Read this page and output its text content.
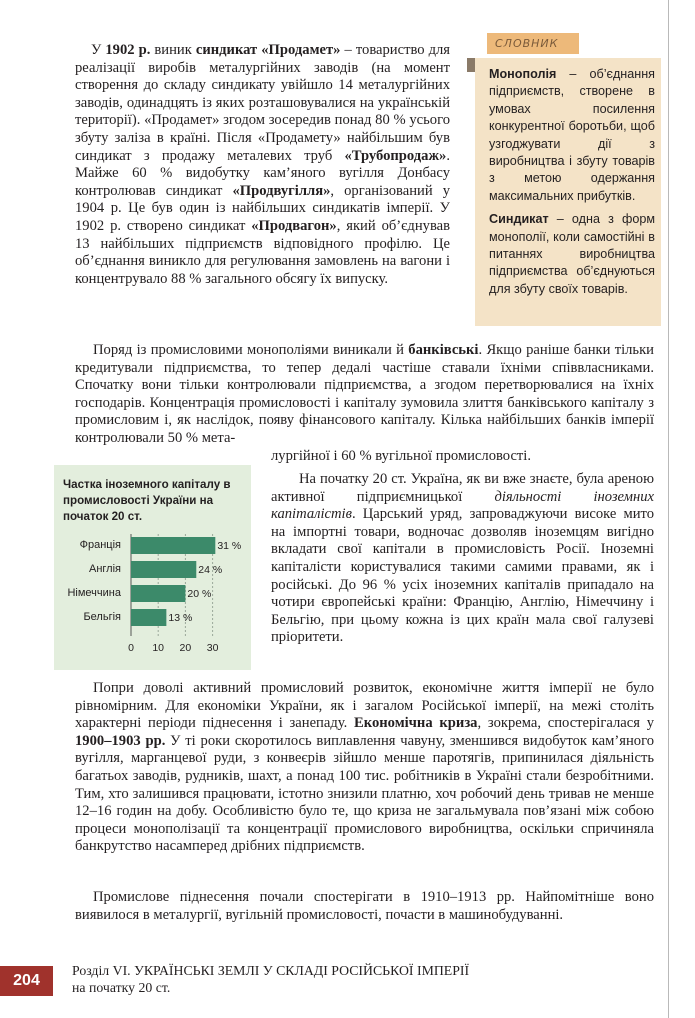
У 1902 р. виник синдикат «Продамет» – товариство для реалізації виробів металургійних заводів (на момент створення до складу синдикату увійшло 14 металургійних заводів, одинадцять із яких розташовувалися на українській території). «Продамет» згодом зосередив понад 80 % усього збуту заліза в країні. Після «Продамету» найбільшим був синдикат з продажу металевих труб «Трубопродаж». Майже 60 % видобутку кам’яного вугілля Донбасу контролював синдикат «Продвугілля», організований у 1904 р. Це був один із найбільших синдикатів імперії. У 1902 р. створено синдикат «Продвагон», який об’єднував 13 найбільших підприємств відповідного профілю. Це об’єднання виникло для регулювання замовлень на вагони і концентрувало 88 % загального обсягу їх випуску.

СЛОВНИК

Монополія – об’єднання підприємств, створене в умовах посилення конкурентної боротьби, щоб узгоджувати дії з виробництва і збуту товарів з метою одержання максимальних прибутків.

Синдикат – одна з форм монополії, коли самостійні в питаннях виробництва підприємства об’єднуються для збуту своїх товарів.

Поряд із промисловими монополіями виникали й банківські. Якщо раніше банки тільки кредитували підприємства, то тепер дедалі частіше ставали їхніми співвласниками. Спочатку вони тільки контролювали підприємства, а згодом перетворювалися на їхніх господарів. Концентрація промисловості і капіталу зумовила злиття банківського капіталу з промисловим і, як наслідок, появу фінансового капіталу. Кількa найбільших банків імперії контролювали 50 % мета-

лургійної і 60 % вугільної промисловості.

Частка іноземного капіталу в промисловості України на початок 20 ст.
0	10	20	30
Франція	31 %
Англія	24 %
Німеччина	20 %
Бельгія	13 %

На початку 20 ст. Україна, як ви вже знаєте, була ареною активної підприємницької діяльності іноземних капіталістів. Царський уряд, запроваджуючи високе мито на імпортні товари, водночас дозволяв іноземцям вигідно вкладати свої капітали в промисловість Росії. Іноземні капіталісти користувалися такими самими правами, як і російські. До 96 % усіх іноземних капіталів припадало на чотири європейські країни: Францію, Англію, Німеччину і Бельгію, при цьому кожна із цих країн мала свої галузеві пріоритети.

Попри доволі активний промисловий розвиток, економічне життя імперії не було рівномірним. Для економіки України, як і загалом Російської імперії, на межі століть характерні періоди піднесення і занепаду. Економічна криза, зокрема, спостерігалася у 1900–1903 рр. У ті роки скоротилось виплавлення чавуну, зменшився видобуток кам’яного вугілля, марганцевої руди, з конвеєрів зійшло менше паротягів, припинилася діяльність багатьох заводів, рудників, шахт, а понад 100 тис. робітників в Україні стали безробітними. Тим, хто залишився працювати, істотно знизили платню, хоч робочий день тривав не менше 12–16 годин на добу. Особливістю було те, що криза не загальмувала пов’язані між собою процеси монополізації та концентрації промислового виробництва, оскільки спричиняла банкрутство насамперед дрібних підприємств.

Промислове піднесення почали спостерігати в 1910–1913 рр. Найпомітніше воно виявилося в металургії, вугільній промисловості, почасти в машинобудуванні.

204
Розділ VI. УКРАЇНСЬКІ ЗЕМЛІ У СКЛАДІ РОСІЙСЬКОЇ ІМПЕРІЇ
на початку 20 ст.
